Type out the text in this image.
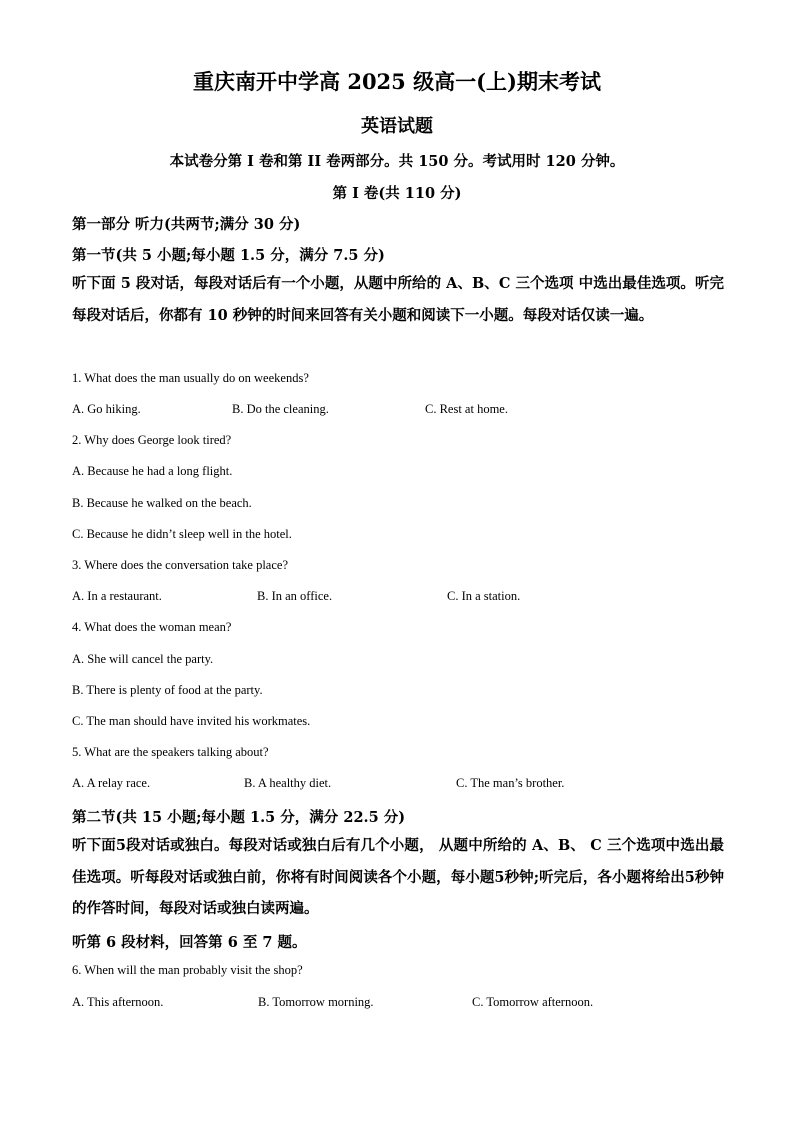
重庆南开中学高 2025 级高一(上)期末考试
英语试题
本试卷分第 I 卷和第 II 卷两部分。共 150 分。考试用时 120 分钟。
第 I 卷(共 110 分)
第一部分 听力(共两节;满分 30 分)
第一节(共 5 小题;每小题 1.5 分，满分 7.5 分)
听下面 5 段对话，每段对话后有一个小题，从题中所给的 A、B、C 三个选项 中选出最佳选项。听完每段对话后，你都有 10 秒钟的时间来回答有关小题和阅读下一小题。每段对话仅读一遍。
1. What does the man usually do on weekends?
A. Go hiking.	B. Do the cleaning.	C. Rest at home.
2. Why does George look tired?
A. Because he had a long flight.
B. Because he walked on the beach.
C. Because he didn’t sleep well in the hotel.
3. Where does the conversation take place?
A. In a restaurant.	B. In an office.	C. In a station.
4. What does the woman mean?
A. She will cancel the party.
B. There is plenty of food at the party.
C. The man should have invited his workmates.
5. What are the speakers talking about?
A. A relay race.	B. A healthy diet.	C. The man’s brother.
第二节(共 15 小题;每小题 1.5 分，满分 22.5 分)
听下面5段对话或独白。每段对话或独白后有几个小题， 从题中所给的 A、B、 C 三个选项中选出最佳选项。听每段对话或独白前，你将有时间阅读各个小题，每小题5秒钟;听完后，各小题将给出5秒钟的作答时间，每段对话或独白读两遍。
听第 6 段材料，回答第 6 至 7 题。
6. When will the man probably visit the shop?
A. This afternoon.	B. Tomorrow morning.	C. Tomorrow afternoon.
